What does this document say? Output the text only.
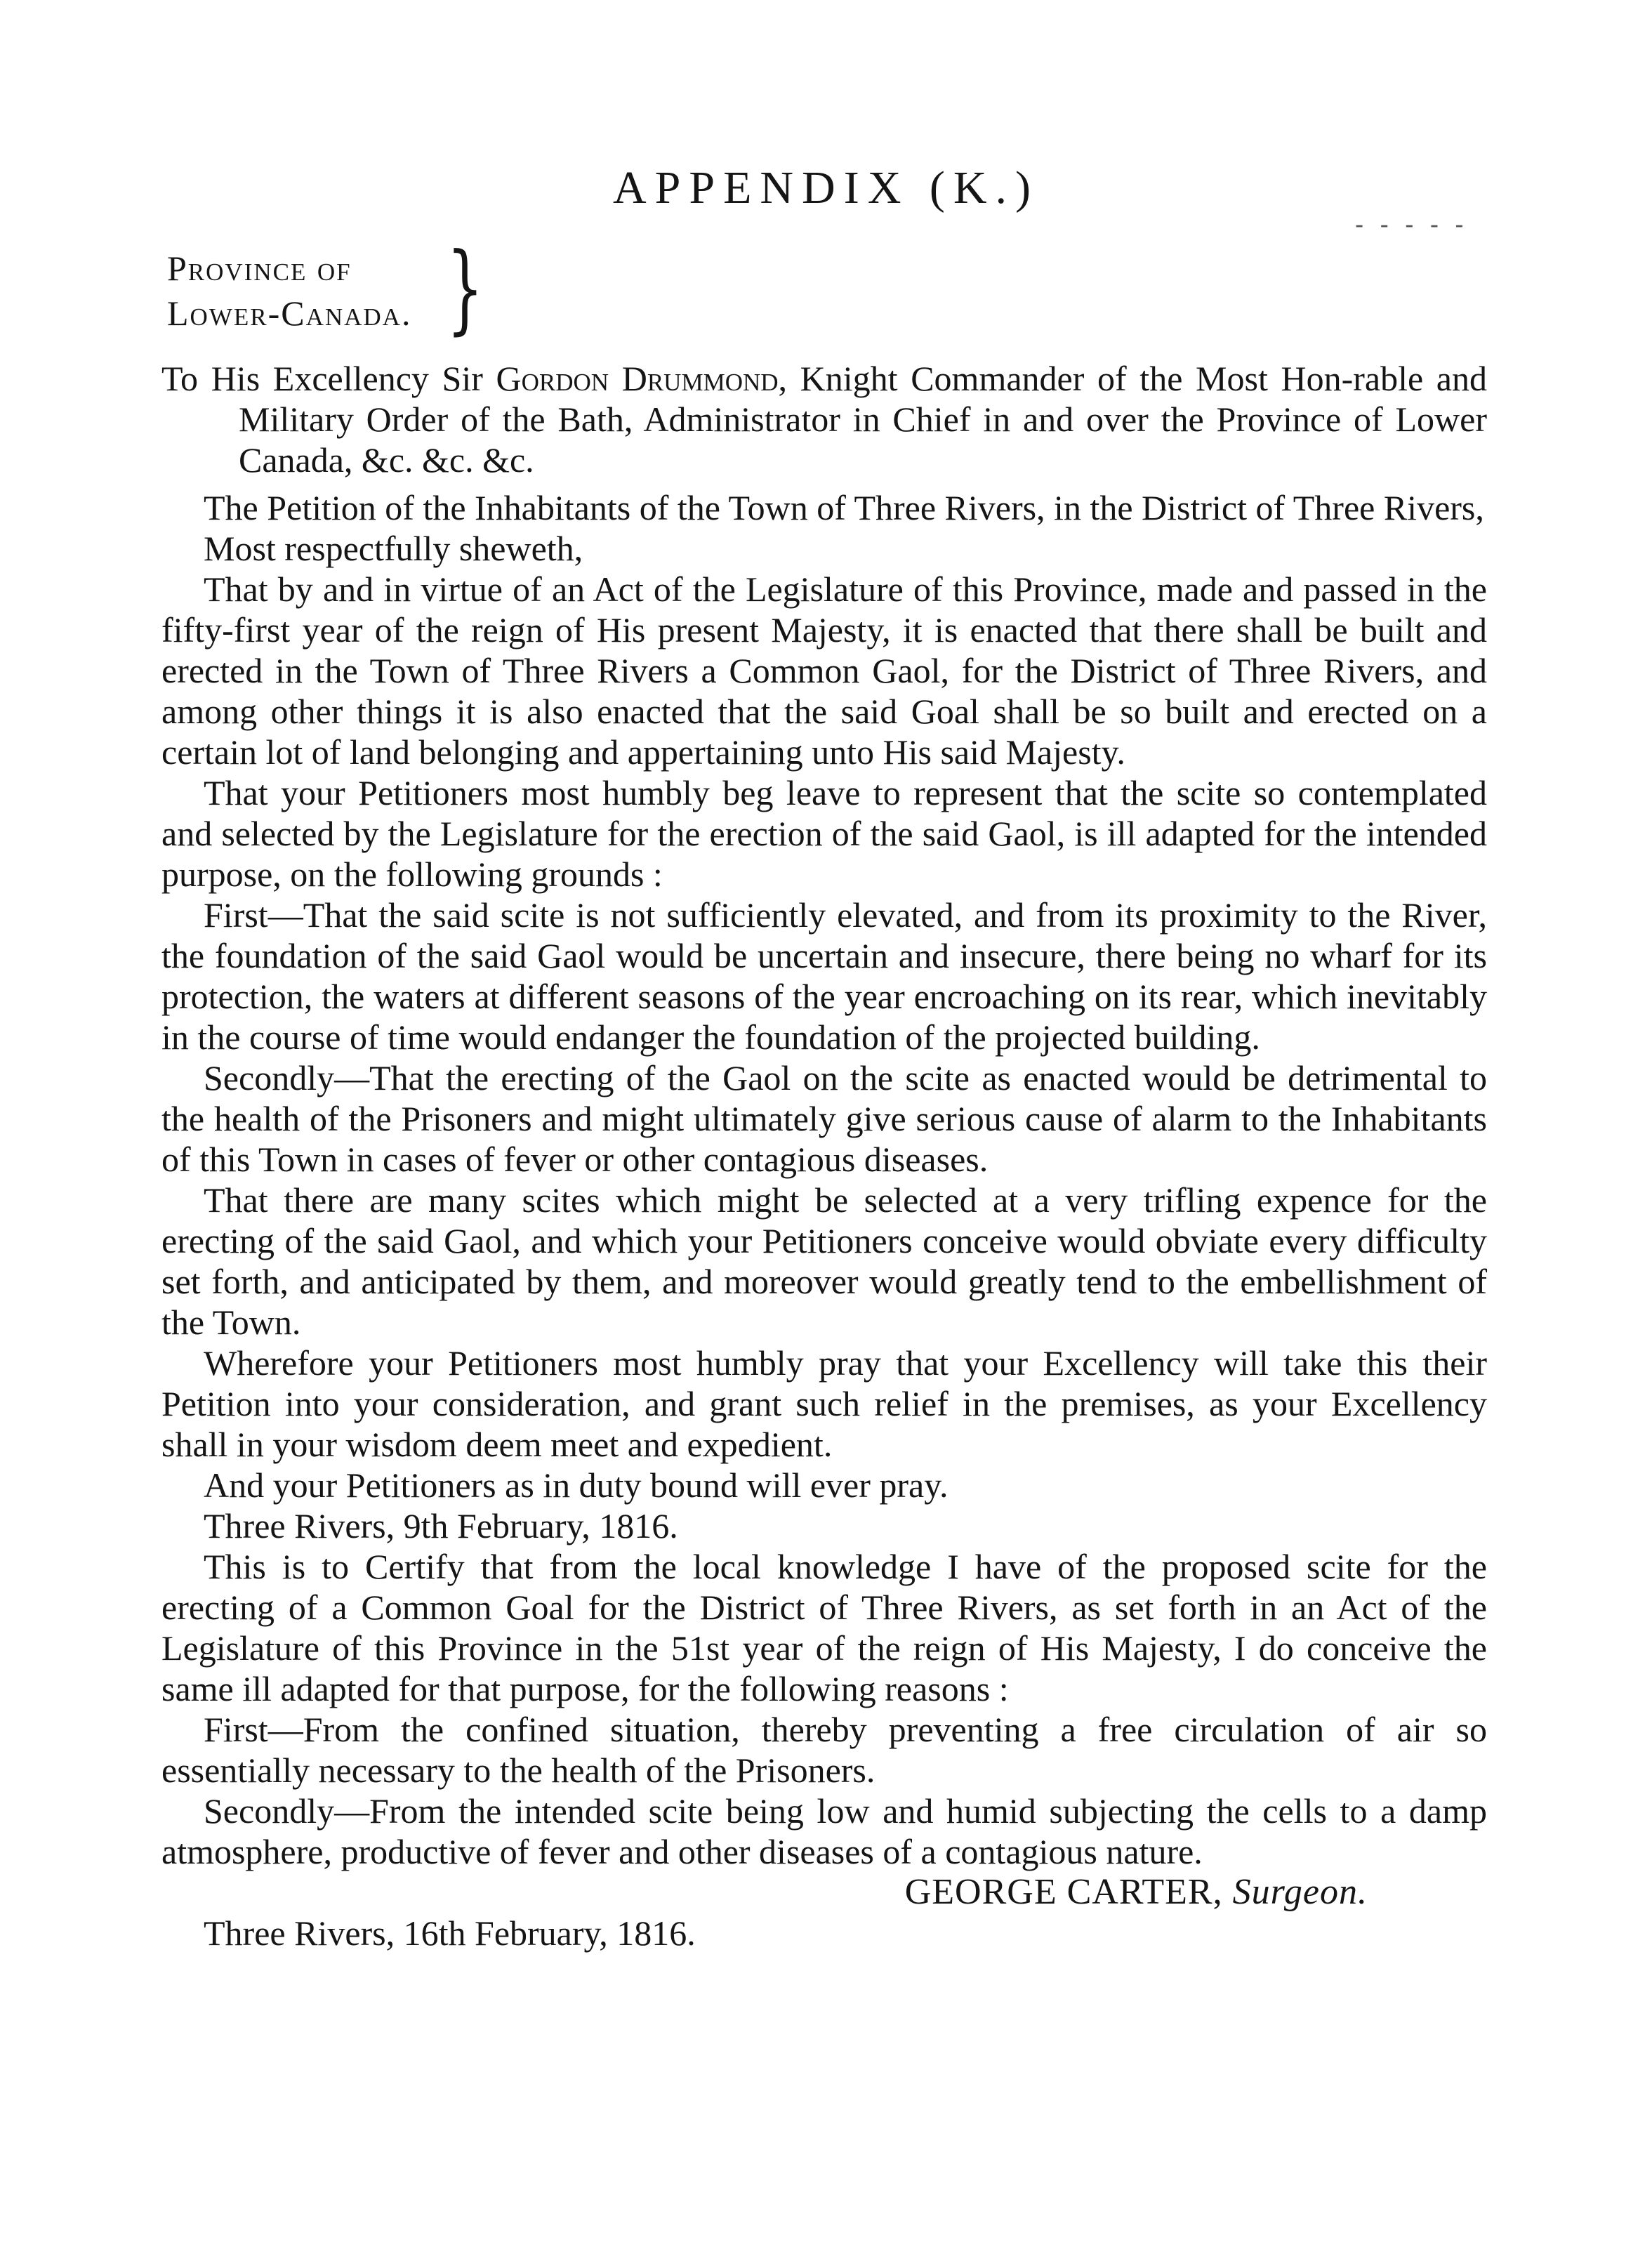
APPENDIX (K.)
- - - - -
Province of
Lower-Canada. }

To His Excellency Sir Gordon Drummond, Knight Commander of the Most Hon-rable and Military Order of the Bath, Administrator in Chief in and over the Province of Lower Canada, &c. &c. &c.

The Petition of the Inhabitants of the Town of Three Rivers, in the District of Three Rivers,

Most respectfully sheweth,

That by and in virtue of an Act of the Legislature of this Province, made and passed in the fifty-first year of the reign of His present Majesty, it is enacted that there shall be built and erected in the Town of Three Rivers a Common Gaol, for the District of Three Rivers, and among other things it is also enacted that the said Goal shall be so built and erected on a certain lot of land belonging and appertaining unto His said Majesty.

That your Petitioners most humbly beg leave to represent that the scite so contemplated and selected by the Legislature for the erection of the said Gaol, is ill adapted for the intended purpose, on the following grounds :

First—That the said scite is not sufficiently elevated, and from its proximity to the River, the foundation of the said Gaol would be uncertain and insecure, there being no wharf for its protection, the waters at different seasons of the year encroaching on its rear, which inevitably in the course of time would endanger the foundation of the projected building.

Secondly—That the erecting of the Gaol on the scite as enacted would be detrimental to the health of the Prisoners and might ultimately give serious cause of alarm to the Inhabitants of this Town in cases of fever or other contagious diseases.

That there are many scites which might be selected at a very trifling expence for the erecting of the said Gaol, and which your Petitioners conceive would obviate every difficulty set forth, and anticipated by them, and moreover would greatly tend to the embellishment of the Town.

Wherefore your Petitioners most humbly pray that your Excellency will take this their Petition into your consideration, and grant such relief in the premises, as your Excellency shall in your wisdom deem meet and expedient.

And your Petitioners as in duty bound will ever pray.

Three Rivers, 9th February, 1816.

This is to Certify that from the local knowledge I have of the proposed scite for the erecting of a Common Goal for the District of Three Rivers, as set forth in an Act of the Legislature of this Province in the 51st year of the reign of His Majesty, I do conceive the same ill adapted for that purpose, for the following reasons :

First—From the confined situation, thereby preventing a free circulation of air so essentially necessary to the health of the Prisoners.

Secondly—From the intended scite being low and humid subjecting the cells to a damp atmosphere, productive of fever and other diseases of a contagious nature.

GEORGE CARTER, Surgeon.

Three Rivers, 16th February, 1816.
